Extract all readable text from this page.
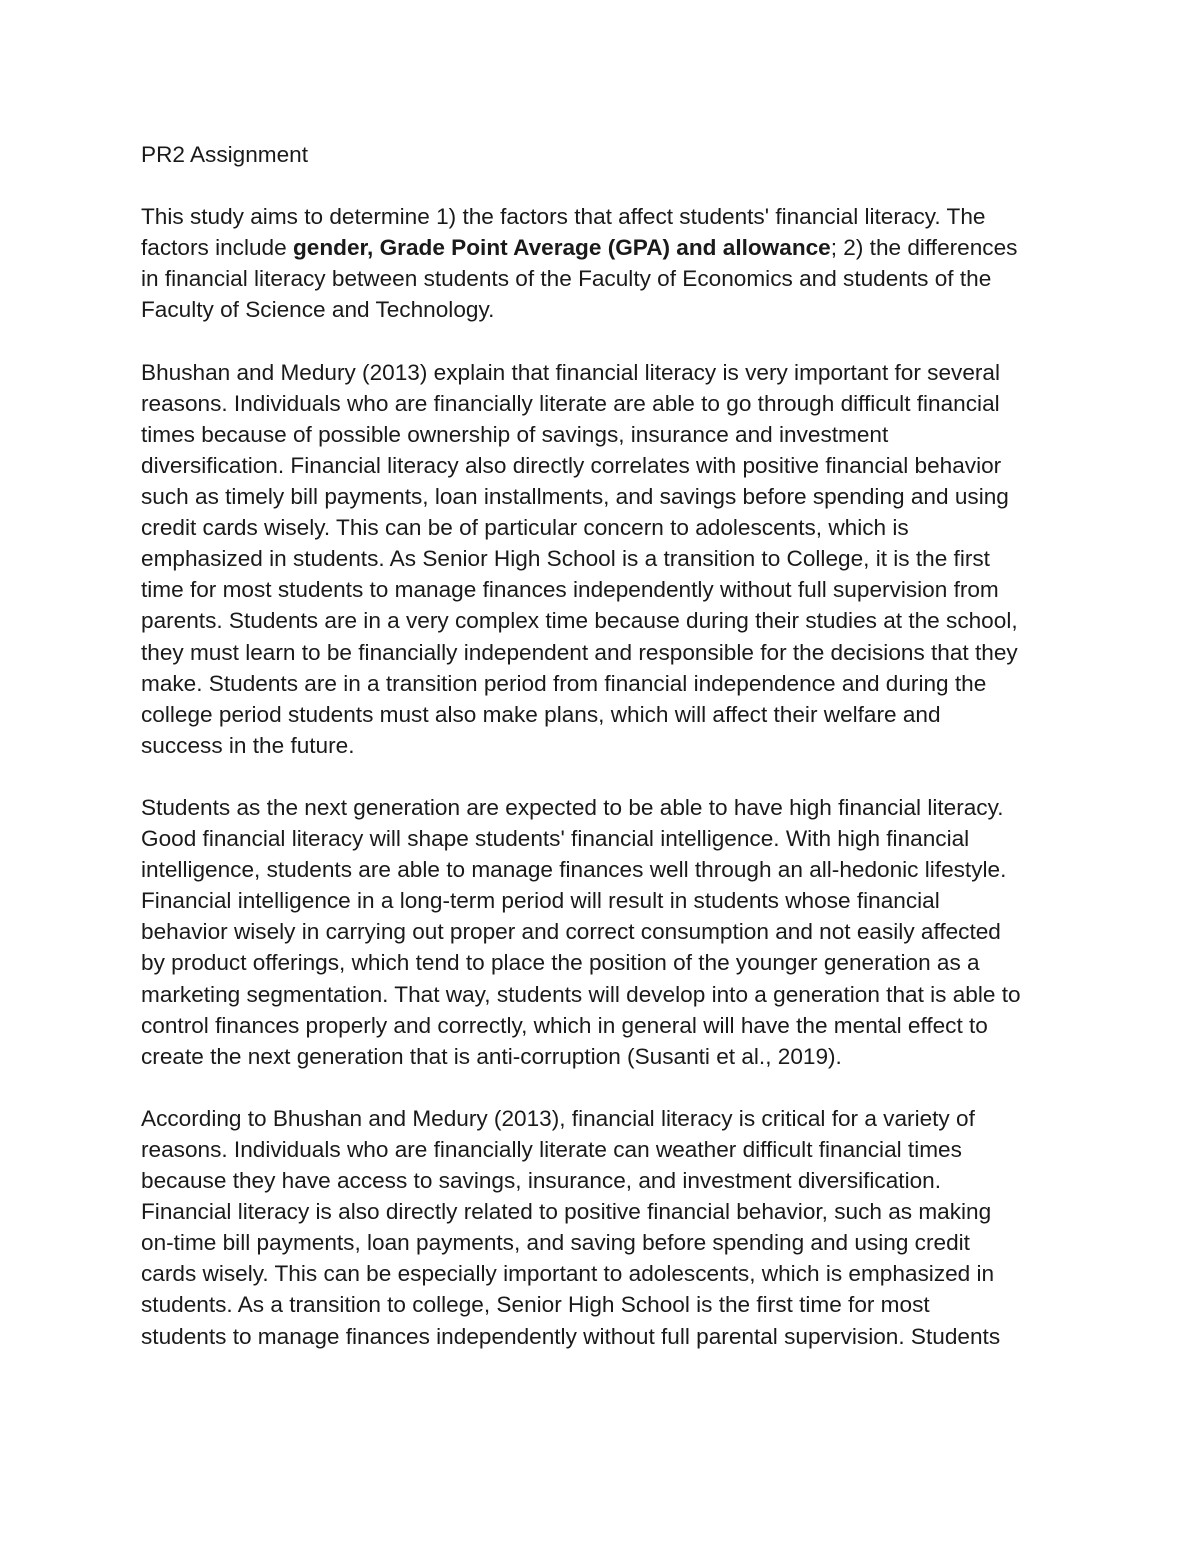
PR2 Assignment
This study aims to determine 1) the factors that affect students' financial literacy. The
factors include gender, Grade Point Average (GPA) and allowance; 2) the differences
in financial literacy between students of the Faculty of Economics and students of the
Faculty of Science and Technology.
Bhushan and Medury (2013) explain that financial literacy is very important for several
reasons. Individuals who are financially literate are able to go through difficult financial
times because of possible ownership of savings, insurance and investment
diversification. Financial literacy also directly correlates with positive financial behavior
such as timely bill payments, loan installments, and savings before spending and using
credit cards wisely. This can be of particular concern to adolescents, which is
emphasized in students. As Senior High School is a transition to College, it is the first
time for most students to manage finances independently without full supervision from
parents. Students are in a very complex time because during their studies at the school,
they must learn to be financially independent and responsible for the decisions that they
make. Students are in a transition period from financial independence and during the
college period students must also make plans, which will affect their welfare and
success in the future.
Students as the next generation are expected to be able to have high financial literacy.
Good financial literacy will shape students' financial intelligence. With high financial
intelligence, students are able to manage finances well through an all-hedonic lifestyle.
Financial intelligence in a long-term period will result in students whose financial
behavior wisely in carrying out proper and correct consumption and not easily affected
by product offerings, which tend to place the position of the younger generation as a
marketing segmentation. That way, students will develop into a generation that is able to
control finances properly and correctly, which in general will have the mental effect to
create the next generation that is anti-corruption (Susanti et al., 2019).
According to Bhushan and Medury (2013), financial literacy is critical for a variety of
reasons. Individuals who are financially literate can weather difficult financial times
because they have access to savings, insurance, and investment diversification.
Financial literacy is also directly related to positive financial behavior, such as making
on-time bill payments, loan payments, and saving before spending and using credit
cards wisely. This can be especially important to adolescents, which is emphasized in
students. As a transition to college, Senior High School is the first time for most
students to manage finances independently without full parental supervision. Students
